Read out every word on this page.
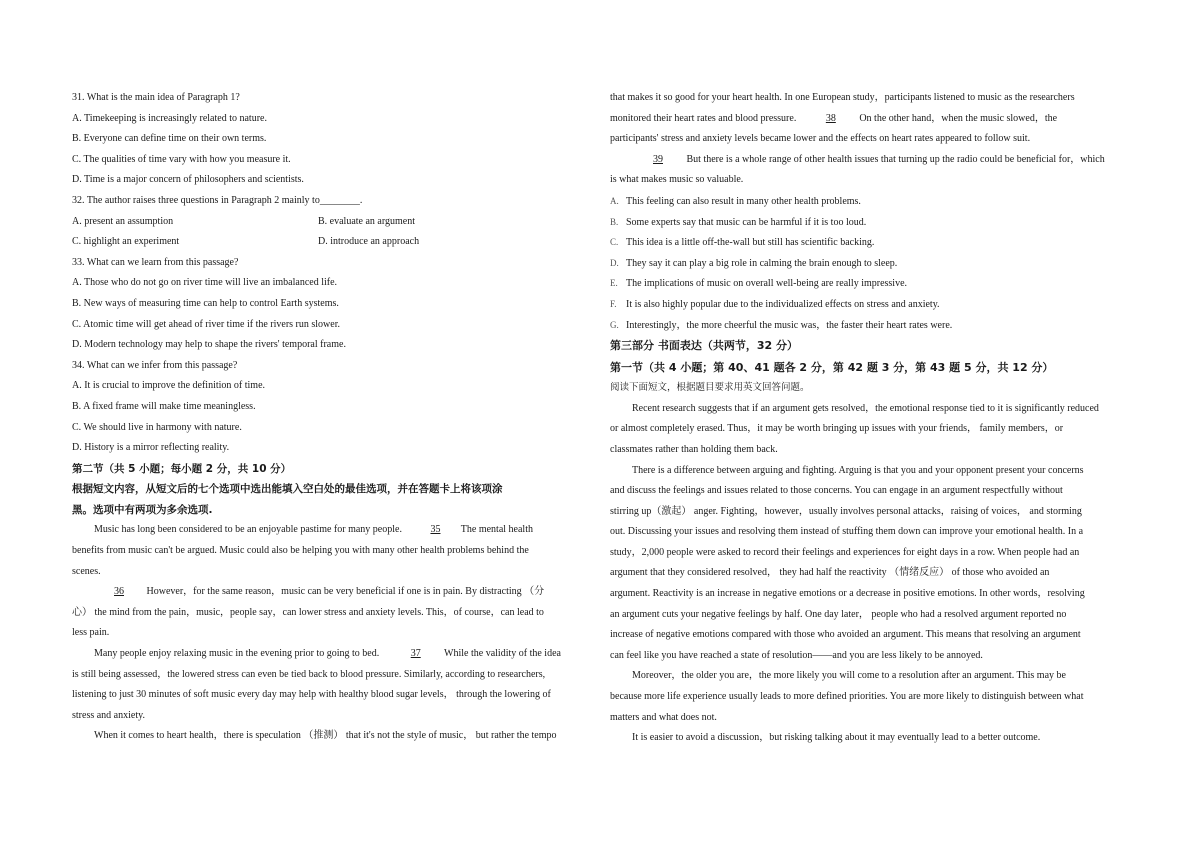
31. What is the main idea of Paragraph 1?
A. Timekeeping is increasingly related to nature.
B. Everyone can define time on their own terms.
C. The qualities of time vary with how you measure it.
D. Time is a major concern of philosophers and scientists.
32. The author raises three questions in Paragraph 2 mainly to________.
A. present an assumption	B. evaluate an argument
C. highlight an experiment	D. introduce an approach
33. What can we learn from this passage?
A. Those who do not go on river time will live an imbalanced life.
B. New ways of measuring time can help to control Earth systems.
C. Atomic time will get ahead of river time if the rivers run slower.
D. Modern technology may help to shape the rivers' temporal frame.
34. What can we infer from this passage?
A. It is crucial to improve the definition of time.
B. A fixed frame will make time meaningless.
C. We should live in harmony with nature.
D. History is a mirror reflecting reality.
第二节（共 5 小题；每小题 2 分，共 10 分）
根据短文内容，从短文后的七个选项中选出能填入空白处的最佳选项，并在答题卡上将该项涂
黑。选项中有两项为多余选项.
Music has long been considered to be an enjoyable pastime for many people.	35 The mental health
benefits from music can't be argued. Music could also be helping you with many other health problems behind the
scenes.
36 However，for the same reason，music can be very beneficial if one is in pain. By distracting （分
心） the mind from the pain，music，people say，can lower stress and anxiety levels. This，of course，can lead to
less pain.
Many people enjoy relaxing music in the evening prior to going to bed.	37 While the validity of the idea
is still being assessed，the lowered stress can even be tied back to blood pressure. Similarly, according to researchers,
listening to just 30 minutes of soft music every day may help with healthy blood sugar levels， through the lowering of
stress and anxiety.
When it comes to heart health，there is speculation （推测） that it's not the style of music， but rather the tempo
that makes it so good for your heart health. In one European study，participants listened to music as the researchers
monitored their heart rates and blood pressure.	38 On the other hand，when the music slowed，the
participants' stress and anxiety levels became lower and the effects on heart rates appeared to follow suit.
39 But there is a whole range of other health issues that turning up the radio could be beneficial for，which
is what makes music so valuable.
A. This feeling can also result in many other health problems.
B. Some experts say that music can be harmful if it is too loud.
C. This idea is a little off-the-wall but still has scientific backing.
D. They say it can play a big role in calming the brain enough to sleep.
E. The implications of music on overall well-being are really impressive.
F. It is also highly popular due to the individualized effects on stress and anxiety.
G. Interestingly，the more cheerful the music was，the faster their heart rates were.
第三部分 书面表达（共两节，32 分）
第一节（共 4 小题；第 40、41 题各 2 分，第 42 题 3 分，第 43 题 5 分，共 12 分）
阅读下面短文，根据题目要求用英文回答问题。
Recent research suggests that if an argument gets resolved，the emotional response tied to it is significantly reduced
or almost completely erased. Thus，it may be worth bringing up issues with your friends， family members，or
classmates rather than holding them back.
There is a difference between arguing and fighting. Arguing is that you and your opponent present your concerns
and discuss the feelings and issues related to those concerns. You can engage in an argument respectfully without
stirring up（激起） anger. Fighting，however，usually involves personal attacks，raising of voices， and storming
out. Discussing your issues and resolving them instead of stuffing them down can improve your emotional health. In a
study，2,000 people were asked to record their feelings and experiences for eight days in a row. When people had an
argument that they considered resolved， they had half the reactivity （情绪反应） of those who avoided an
argument. Reactivity is an increase in negative emotions or a decrease in positive emotions. In other words，resolving
an argument cuts your negative feelings by half. One day later， people who had a resolved argument reported no
increase of negative emotions compared with those who avoided an argument. This means that resolving an argument
can feel like you have reached a state of resolution——and you are less likely to be annoyed.
Moreover，the older you are，the more likely you will come to a resolution after an argument. This may be
because more life experience usually leads to more defined priorities. You are more likely to distinguish between what
matters and what does not.
It is easier to avoid a discussion，but risking talking about it may eventually lead to a better outcome.
